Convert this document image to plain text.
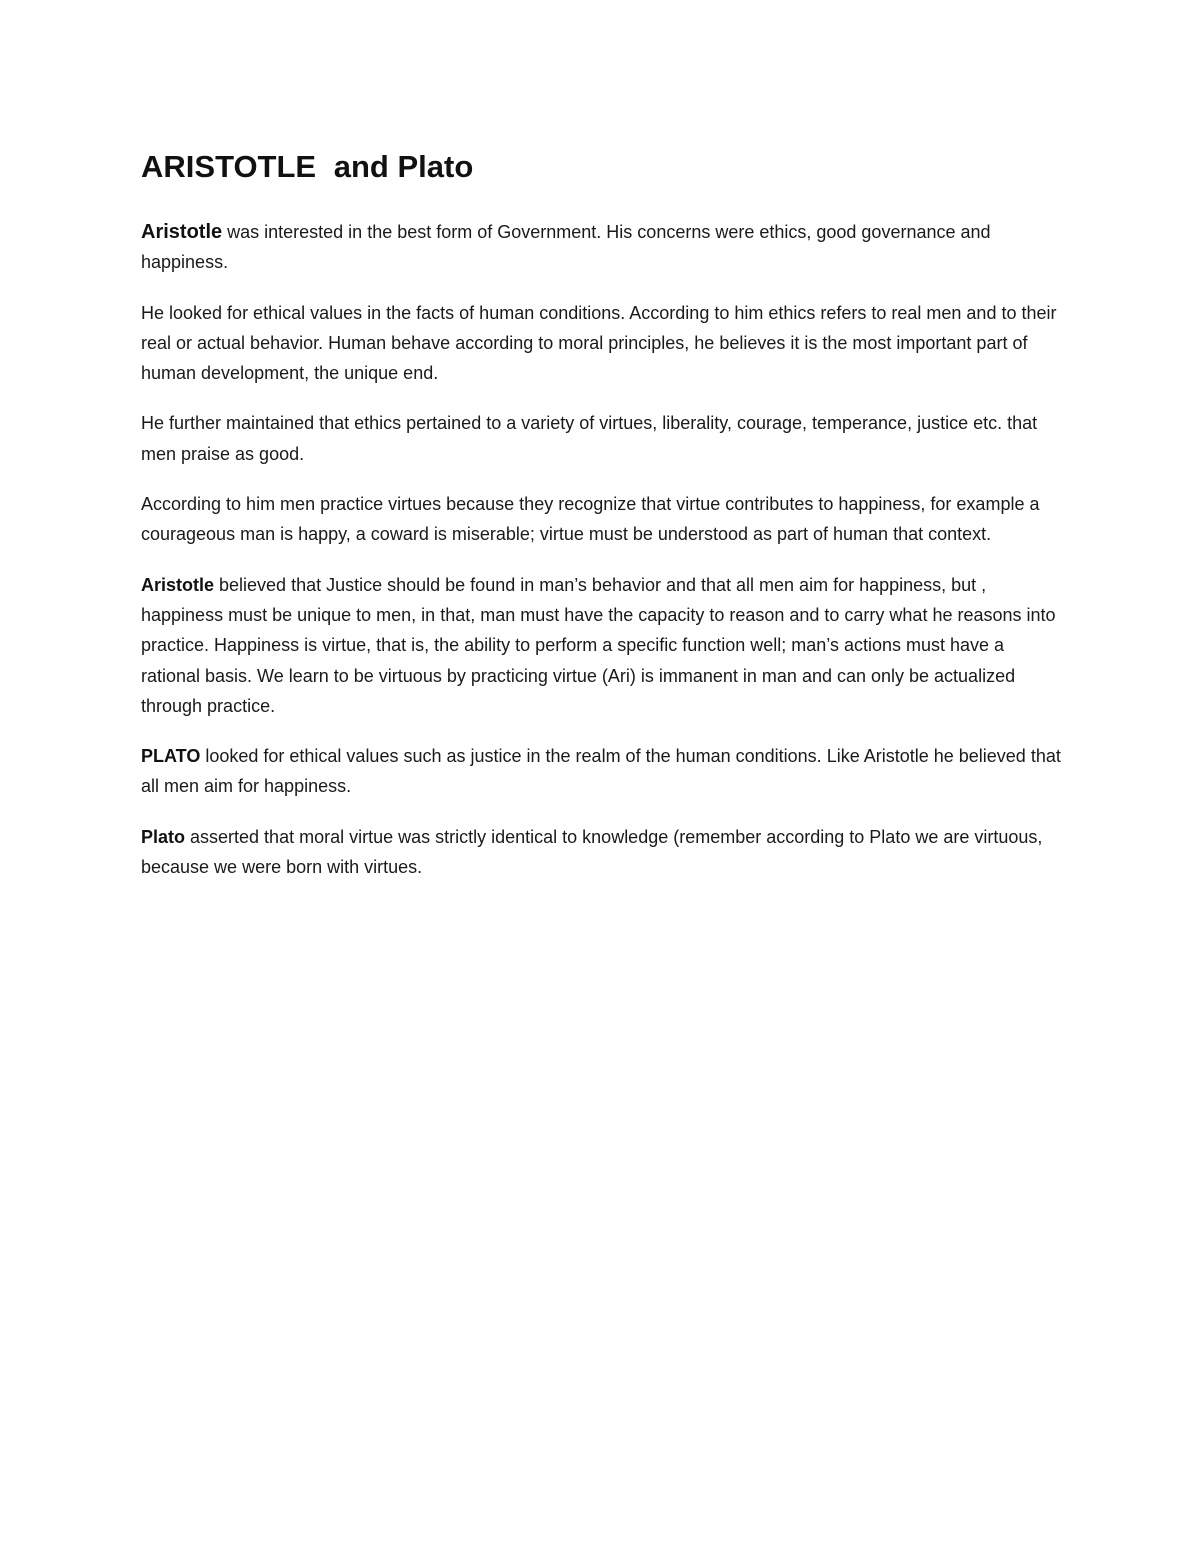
ARISTOTLE and Plato

Aristotle was interested in the best form of Government. His concerns were ethics, good governance and happiness.

He looked for ethical values in the facts of human conditions. According to him ethics refers to real men and to their real or actual behavior. Human behave according to moral principles, he believes it is the most important part of human development, the unique end.

He further maintained that ethics pertained to a variety of virtues, liberality, courage, temperance, justice etc. that men praise as good.

According to him men practice virtues because they recognize that virtue contributes to happiness, for example a courageous man is happy, a coward is miserable; virtue must be understood as part of human that context.

Aristotle believed that Justice should be found in man’s behavior and that all men aim for happiness, but , happiness must be unique to men, in that, man must have the capacity to reason and to carry what he reasons into practice. Happiness is virtue, that is, the ability to perform a specific function well; man’s actions must have a rational basis. We learn to be virtuous by practicing virtue (Ari) is immanent in man and can only be actualized through practice.

PLATO looked for ethical values such as justice in the realm of the human conditions. Like Aristotle he believed that all men aim for happiness.

Plato asserted that moral virtue was strictly identical to knowledge (remember according to Plato we are virtuous, because we were born with virtues.
